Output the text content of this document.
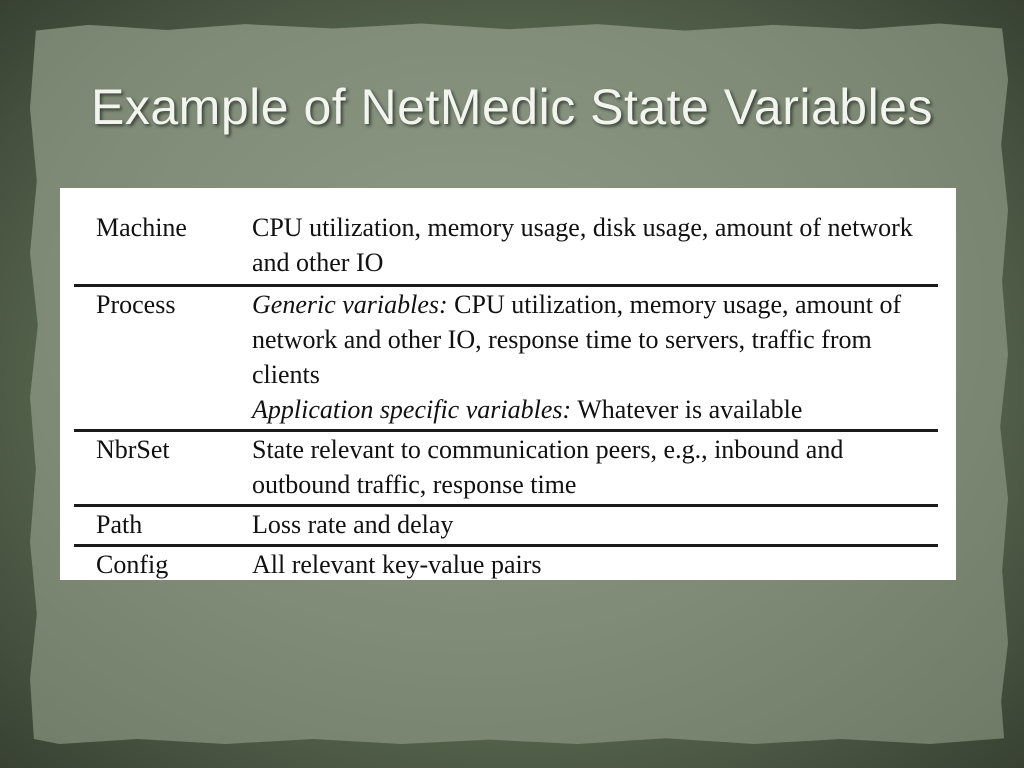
Example of NetMedic State Variables
Machine	CPU utilization, memory usage, disk usage, amount of network and other IO
Process	Generic variables: CPU utilization, memory usage, amount of network and other IO, response time to servers, traffic from clients
Application specific variables: Whatever is available
NbrSet	State relevant to communication peers, e.g., inbound and outbound traffic, response time
Path	Loss rate and delay
Config	All relevant key-value pairs
